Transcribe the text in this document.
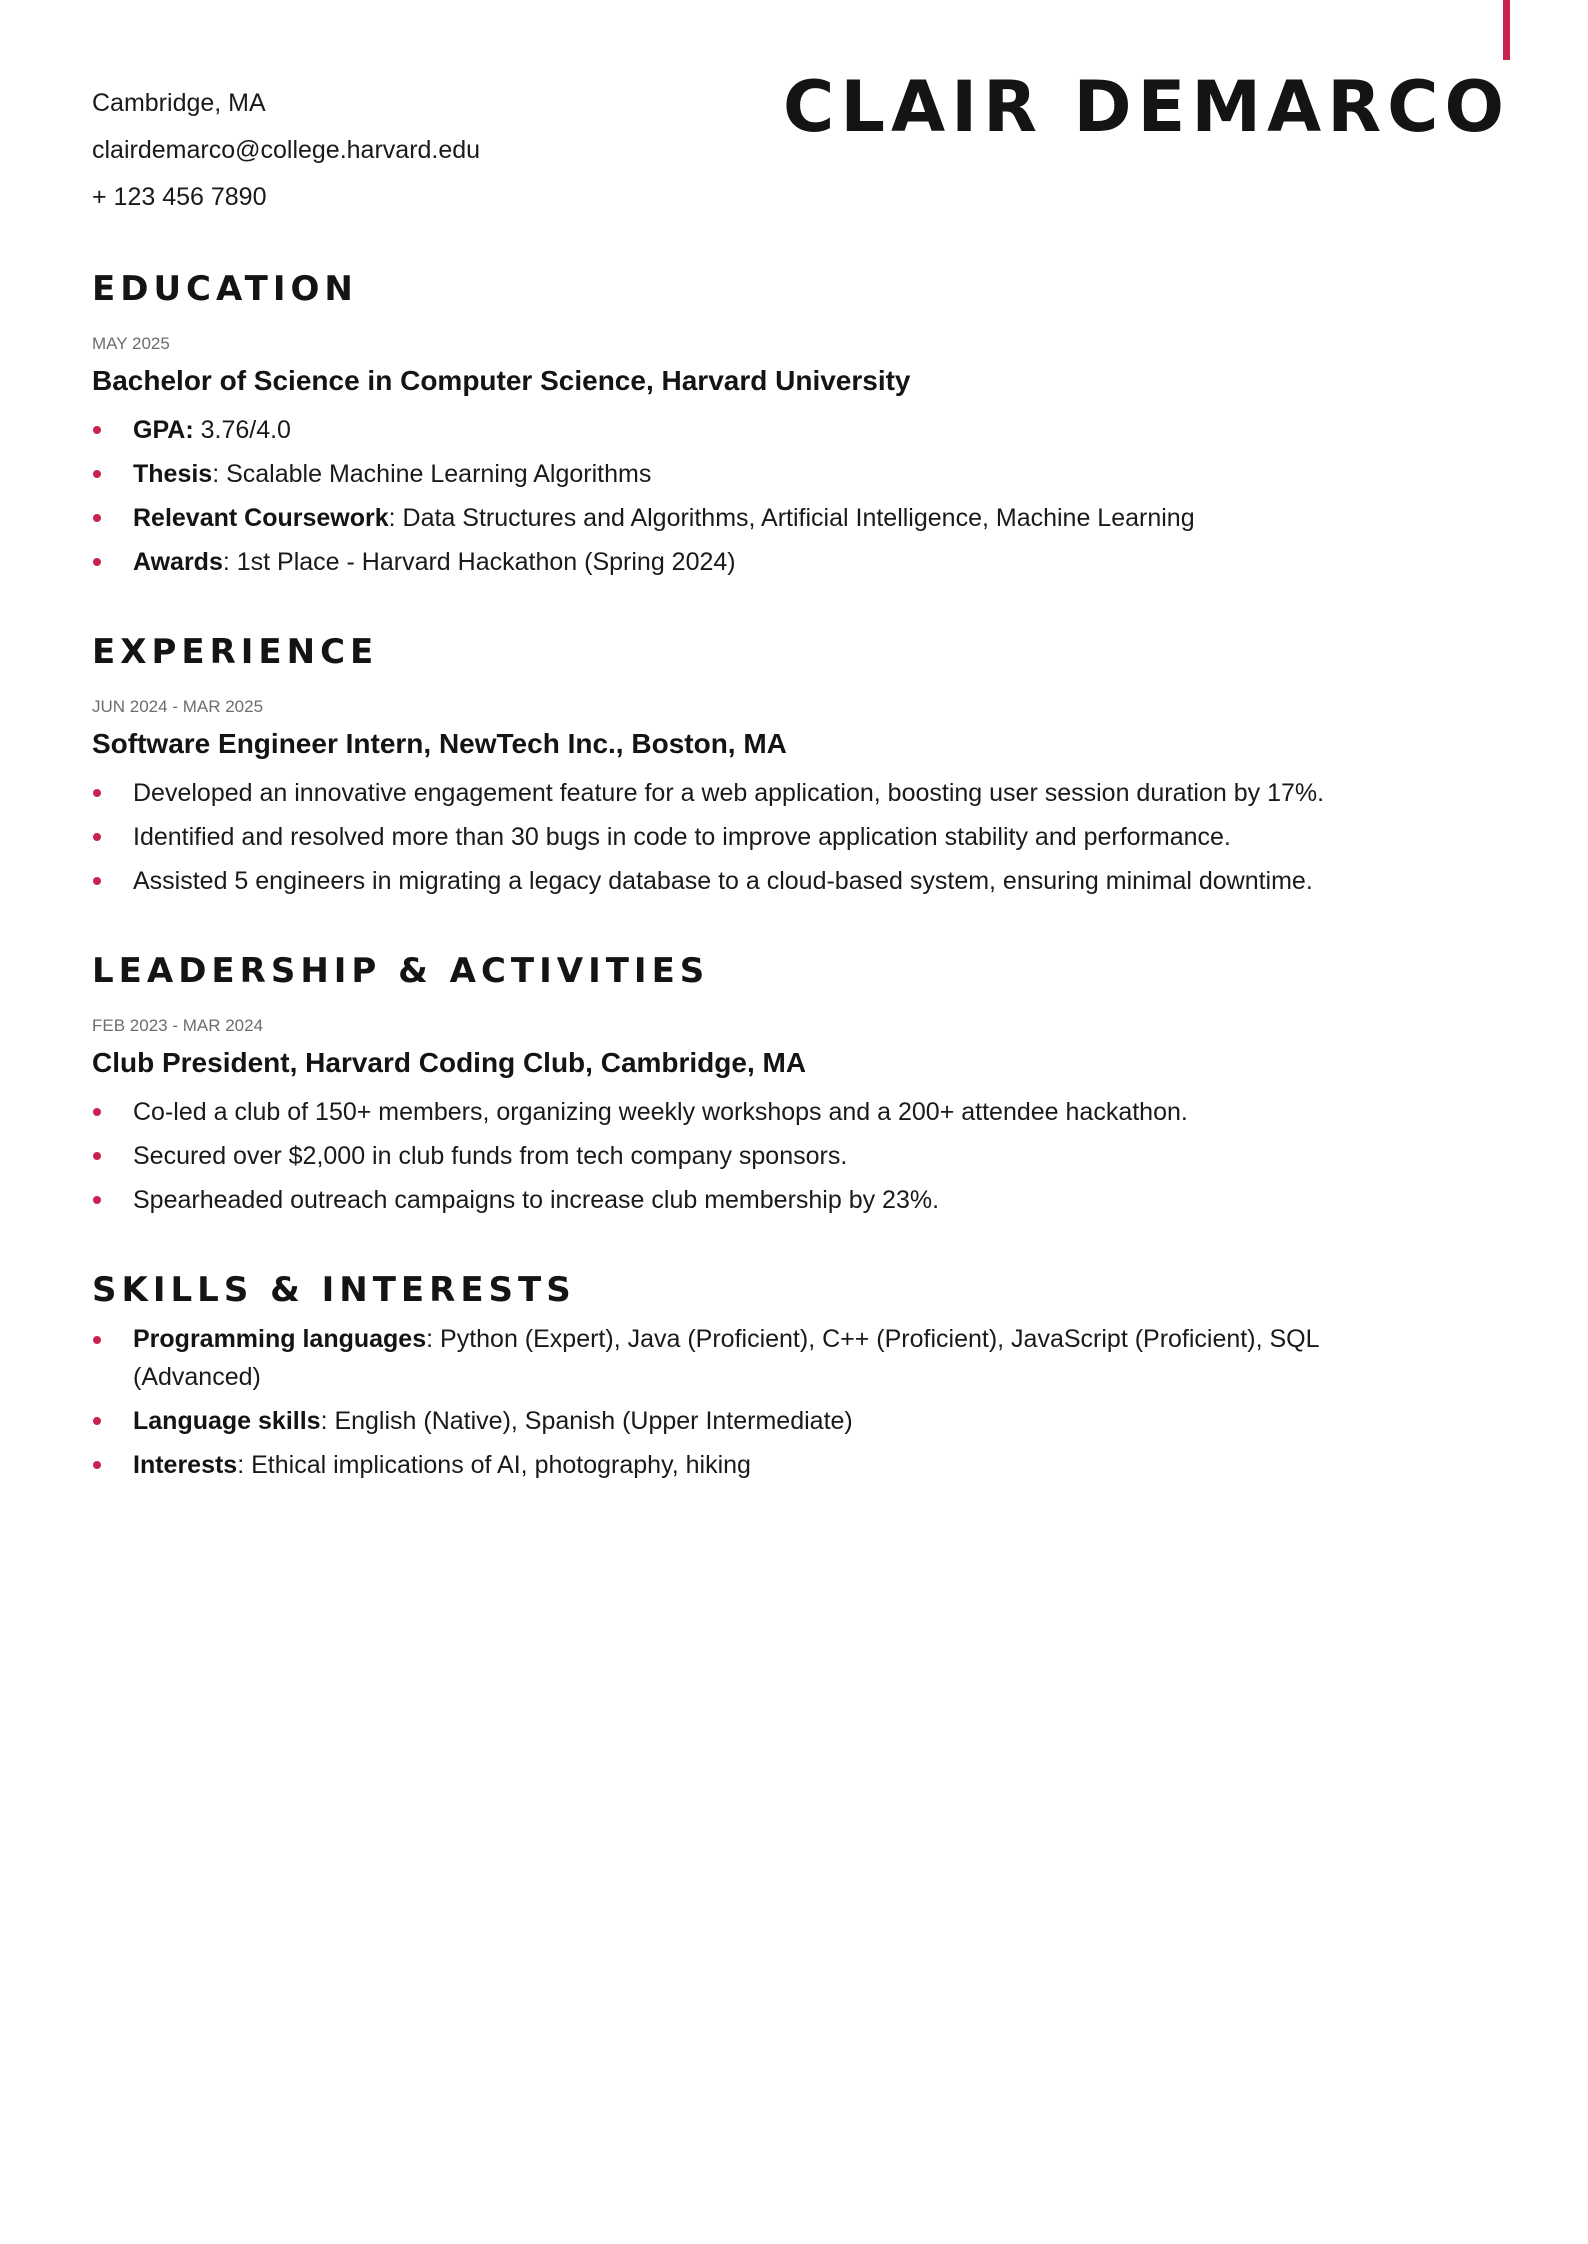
CLAIR DEMARCO
Cambridge, MA
clairdemarco@college.harvard.edu
+ 123 456 7890
EDUCATION
MAY 2025
Bachelor of Science in Computer Science, Harvard University
GPA: 3.76/4.0
Thesis: Scalable Machine Learning Algorithms
Relevant Coursework: Data Structures and Algorithms, Artificial Intelligence, Machine Learning
Awards: 1st Place - Harvard Hackathon (Spring 2024)
EXPERIENCE
JUN 2024 - MAR 2025
Software Engineer Intern, NewTech Inc., Boston, MA
Developed an innovative engagement feature for a web application, boosting user session duration by 17%.
Identified and resolved more than 30 bugs in code to improve application stability and performance.
Assisted 5 engineers in migrating a legacy database to a cloud-based system, ensuring minimal downtime.
LEADERSHIP & ACTIVITIES
FEB 2023 - MAR 2024
Club President, Harvard Coding Club, Cambridge, MA
Co-led a club of 150+ members, organizing weekly workshops and a 200+ attendee hackathon.
Secured over $2,000 in club funds from tech company sponsors.
Spearheaded outreach campaigns to increase club membership by 23%.
SKILLS & INTERESTS
Programming languages: Python (Expert), Java (Proficient), C++ (Proficient), JavaScript (Proficient), SQL (Advanced)
Language skills: English (Native), Spanish (Upper Intermediate)
Interests: Ethical implications of AI, photography, hiking
